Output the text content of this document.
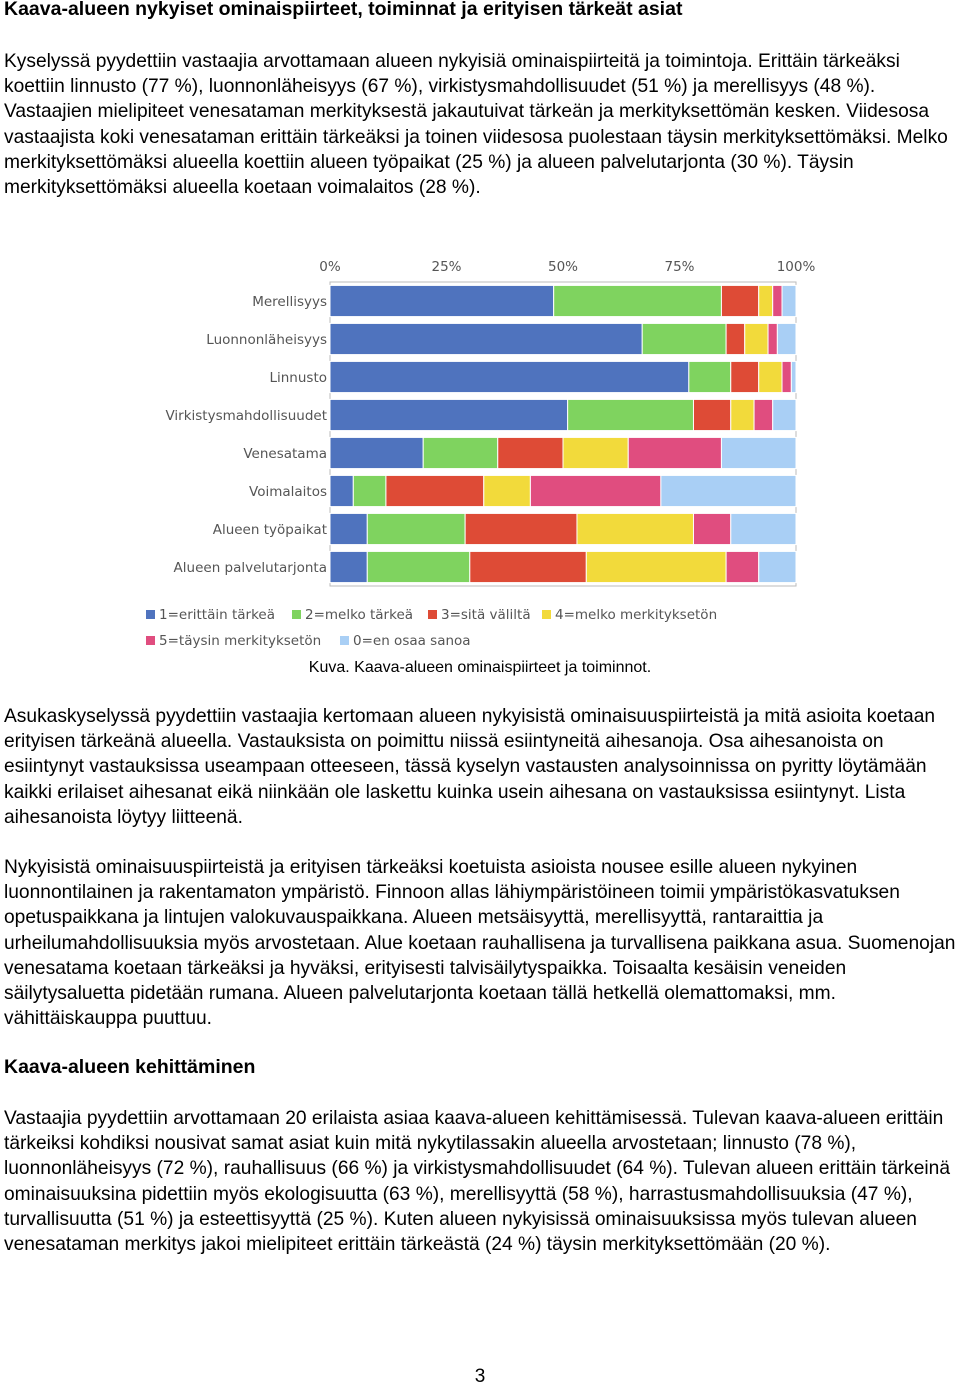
Kaava-alueen nykyiset ominaispiirteet, toiminnat ja erityisen tärkeät asiat

Kyselyssä pyydettiin vastaajia arvottamaan alueen nykyisiä ominaispiirteitä ja toimintoja. Erittäin tärkeäksi koettiin linnusto (77 %), luonnonläheisyys (67 %), virkistysmahdollisuudet (51 %) ja merellisyys (48 %). Vastaajien mielipiteet venesataman merkityksestä jakautuivat tärkeän ja merkityksettömän kesken. Viidesosa vastaajista koki venesataman erittäin tärkeäksi ja toinen viidesosa puolestaan täysin merkityksettömäksi. Melko merkityksettömäksi alueella koettiin alueen työpaikat (25 %) ja alueen palvelutarjonta (30 %). Täysin merkityksettömäksi alueella koetaan voimalaitos (28 %).

0%	25%	50%	75%	100%
Merellisyys
Luonnonläheisyys
Linnusto
Virkistysmahdollisuudet
Venesatama
Voimalaitos
Alueen työpaikat
Alueen palvelutarjonta
1=erittäin tärkeä 2=melko tärkeä 3=sitä väliltä 4=melko merkityksetön
5=täysin merkityksetön 0=en osaa sanoa
Kuva. Kaava-alueen ominaispiirteet ja toiminnot.

Asukaskyselyssä pyydettiin vastaajia kertomaan alueen nykyisistä ominaisuuspiirteistä ja mitä asioita koetaan erityisen tärkeänä alueella. Vastauksista on poimittu niissä esiintyneitä aihesanoja. Osa aihesanoista on esiintynyt vastauksissa useampaan otteeseen, tässä kyselyn vastausten analysoinnissa on pyritty löytämään kaikki erilaiset aihesanat eikä niinkään ole laskettu kuinka usein aihesana on vastauksissa esiintynyt. Lista aihesanoista löytyy liitteenä.

Nykyisistä ominaisuuspiirteistä ja erityisen tärkeäksi koetuista asioista nousee esille alueen nykyinen luonnontilainen ja rakentamaton ympäristö. Finnoon allas lähiympäristöineen toimii ympäristökasvatuksen opetuspaikkana ja lintujen valokuvauspaikkana. Alueen metsäisyyttä, merellisyyttä, rantaraittia ja urheilumahdollisuuksia myös arvostetaan. Alue koetaan rauhallisena ja turvallisena paikkana asua. Suomenojan venesatama koetaan tärkeäksi ja hyväksi, erityisesti talvisäilytyspaikka. Toisaalta kesäisin veneiden säilytysaluetta pidetään rumana. Alueen palvelutarjonta koetaan tällä hetkellä olemattomaksi, mm. vähittäiskauppa puuttuu.

Kaava-alueen kehittäminen

Vastaajia pyydettiin arvottamaan 20 erilaista asiaa kaava-alueen kehittämisessä. Tulevan kaava-alueen erittäin tärkeiksi kohdiksi nousivat samat asiat kuin mitä nykytilassakin alueella arvostetaan; linnusto (78 %), luonnonläheisyys (72 %), rauhallisuus (66 %) ja virkistysmahdollisuudet (64 %). Tulevan alueen erittäin tärkeinä ominaisuuksina pidettiin myös ekologisuutta (63 %), merellisyyttä (58 %), harrastusmahdollisuuksia (47 %), turvallisuutta (51 %) ja esteettisyyttä (25 %). Kuten alueen nykyisissä ominaisuuksissa myös tulevan alueen venesataman merkitys jakoi mielipiteet erittäin tärkeästä (24 %) täysin merkityksettömään (20 %).

3
